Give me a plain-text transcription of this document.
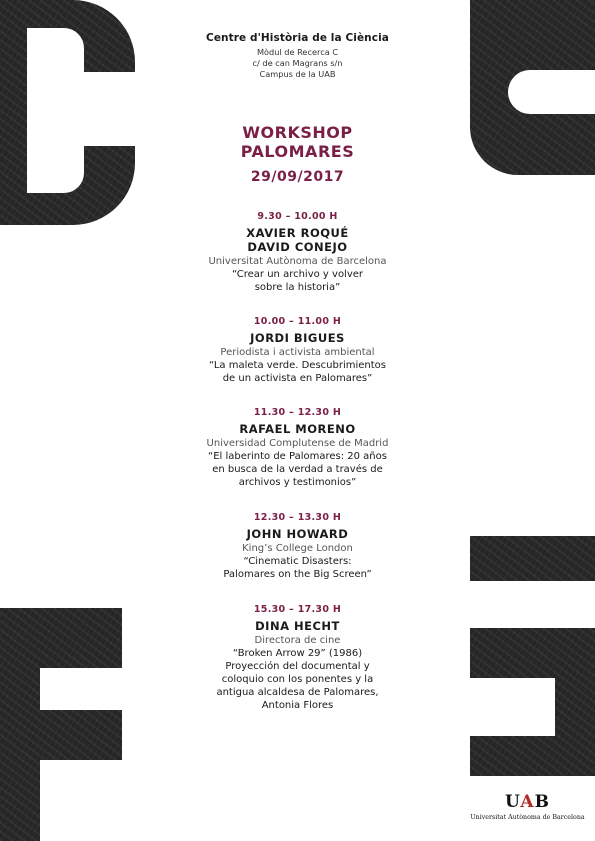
Centre d'Història de la Ciència
Mòdul de Recerca C
c/ de can Magrans s/n
Campus de la UAB
WORKSHOP
PALOMARES
29/09/2017
9.30 – 10.00 H
XAVIER ROQUÉ
DAVID CONEJO
Universitat Autònoma de Barcelona
“Crear un archivo y volver
sobre la historia”
10.00 – 11.00 H
JORDI BIGUES
Periodista i activista ambiental
“La maleta verde. Descubrimientos
de un activista en Palomares”
11.30 – 12.30 H
RAFAEL MORENO
Universidad Complutense de Madrid
“El laberinto de Palomares: 20 años
en busca de la verdad a través de
archivos y testimonios”
12.30 – 13.30 H
JOHN HOWARD
King’s College London
“Cinematic Disasters:
Palomares on the Big Screen”
15.30 – 17.30 H
DINA HECHT
Directora de cine
“Broken Arrow 29” (1986)
Proyección del documental y
coloquio con los ponentes y la
antigua alcaldesa de Palomares,
Antonia Flores
UAB
Universitat Autònoma de Barcelona
